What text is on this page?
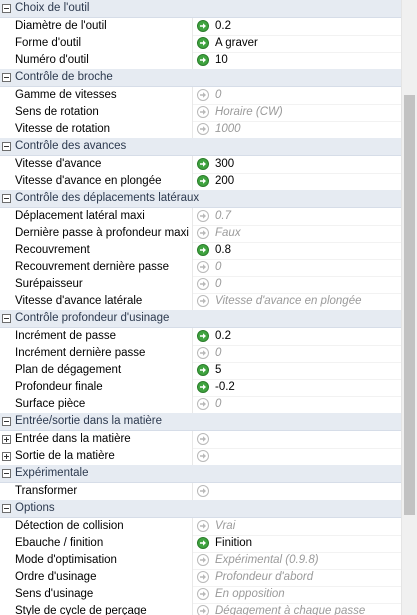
Choix de l'outil
Diamètre de l'outil	0.2
Forme d'outil	A graver
Numéro d'outil	10
Contrôle de broche
Gamme de vitesses	0
Sens de rotation	Horaire (CW)
Vitesse de rotation	1000
Contrôle des avances
Vitesse d'avance	300
Vitesse d'avance en plongée	200
Contrôle des déplacements latéraux
Déplacement latéral maxi	0.7
Dernière passe à profondeur maxi Faux
Recouvrement	0.8
Recouvrement dernière passe	0
Surépaisseur	0
Vitesse d'avance latérale	Vitesse d'avance en plongée
Contrôle profondeur d'usinage
Incrément de passe	0.2
Incrément dernière passe	0
Plan de dégagement	5
Profondeur finale	-0.2
Surface pièce	0
Entrée/sortie dans la matière
Entrée dans la matière
Sortie de la matière
Expérimentale
Transformer
Options
Détection de collision	Vrai
Ebauche / finition	Finition
Mode d'optimisation	Expérimental (0.9.8)
Ordre d'usinage	Profondeur d'abord
Sens d'usinage	En opposition
Style de cycle de perçage	Dégagement à chaque passe
